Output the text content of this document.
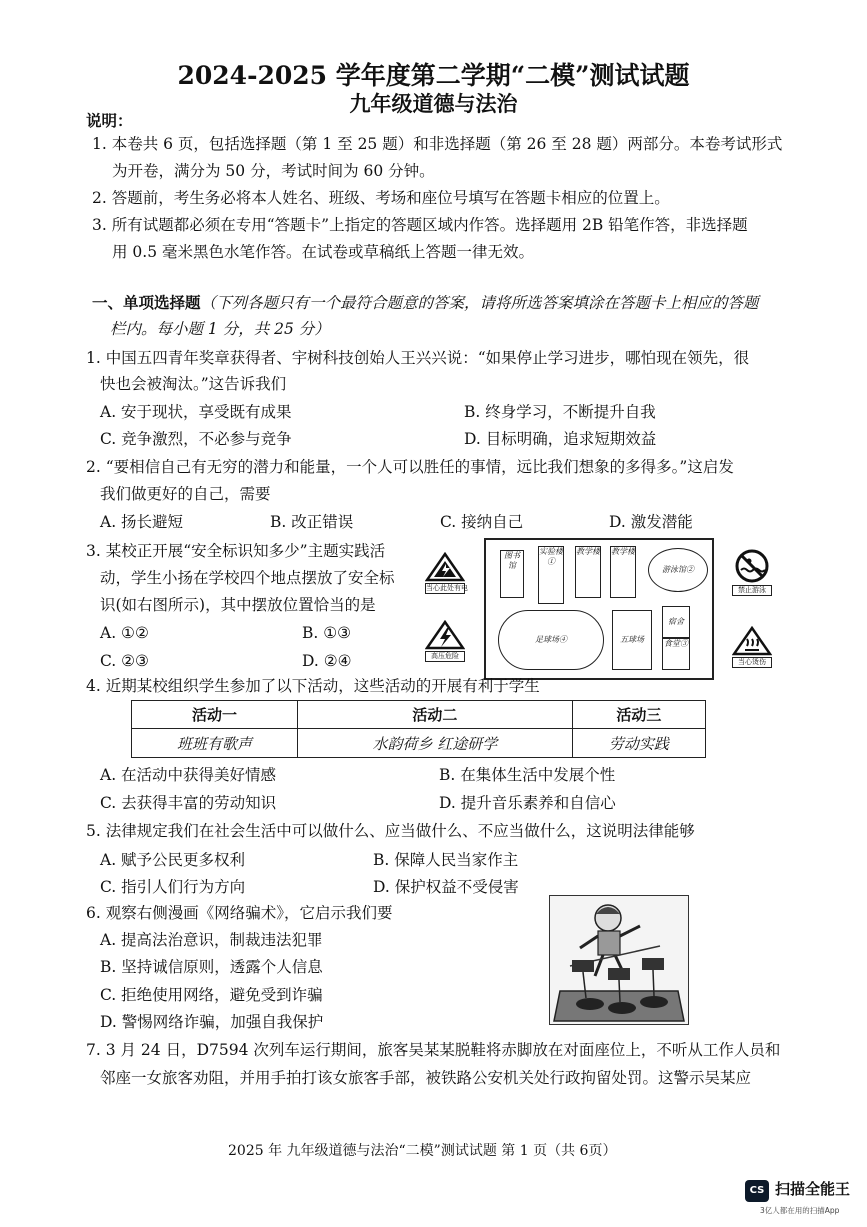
2024-2025 学年度第二学期“二模”测试试题
九年级道德与法治
说明：
1. 本卷共 6 页，包括选择题（第 1 至 25 题）和非选择题（第 26 至 28 题）两部分。本卷考试形式
为开卷，满分为 50 分，考试时间为 60 分钟。
2. 答题前，考生务必将本人姓名、班级、考场和座位号填写在答题卡相应的位置上。
3. 所有试题都必须在专用“答题卡”上指定的答题区域内作答。选择题用 2B 铅笔作答，非选择题
用 0.5 毫米黑色水笔作答。在试卷或草稿纸上答题一律无效。
一、单项选择题（下列各题只有一个最符合题意的答案，请将所选答案填涂在答题卡上相应的答题
栏内。每小题 1 分，共 25 分）
1. 中国五四青年奖章获得者、宇树科技创始人王兴兴说：“如果停止学习进步，哪怕现在领先，很
快也会被淘汰。”这告诉我们
A. 安于现状，享受既有成果	B. 终身学习，不断提升自我
C. 竞争激烈，不必参与竞争	D. 目标明确，追求短期效益
2. “要相信自己有无穷的潜力和能量，一个人可以胜任的事情，远比我们想象的多得多。”这启发
我们做更好的自己，需要
A. 扬长避短	B. 改正错误	C. 接纳自己	D. 激发潜能
3. 某校正开展“安全标识知多少”主题实践活
动，学生小扬在学校四个地点摆放了安全标
识(如右图所示)，其中摆放位置恰当的是
A. ①②	B. ①③
C. ②③	D. ②④
当心此处有电	禁止游泳
高压危险
当心烫伤
图书馆
实验楼①
教学楼 教学楼
游泳馆②
足球场④	五球场
宿舍
食堂③
4. 近期某校组织学生参加了以下活动，这些活动的开展有利于学生
活动一	活动二	活动三
班班有歌声	水韵荷乡 红途研学	劳动实践
A. 在活动中获得美好情感	B. 在集体生活中发展个性
C. 去获得丰富的劳动知识	D. 提升音乐素养和自信心
5. 法律规定我们在社会生活中可以做什么、应当做什么、不应当做什么，这说明法律能够
A. 赋予公民更多权利	B. 保障人民当家作主
C. 指引人们行为方向	D. 保护权益不受侵害
6. 观察右侧漫画《网络骗术》，它启示我们要
A. 提高法治意识，制裁违法犯罪
B. 坚持诚信原则，透露个人信息
C. 拒绝使用网络，避免受到诈骗
D. 警惕网络诈骗，加强自我保护
7. 3 月 24 日，D7594 次列车运行期间，旅客吴某某脱鞋将赤脚放在对面座位上，不听从工作人员和
邻座一女旅客劝阻，并用手拍打该女旅客手部，被铁路公安机关处行政拘留处罚。这警示吴某应
2025 年 九年级道德与法治“二模”测试试题 第 1 页（共 6页）
CS 扫描全能王
3亿人都在用的扫描App
